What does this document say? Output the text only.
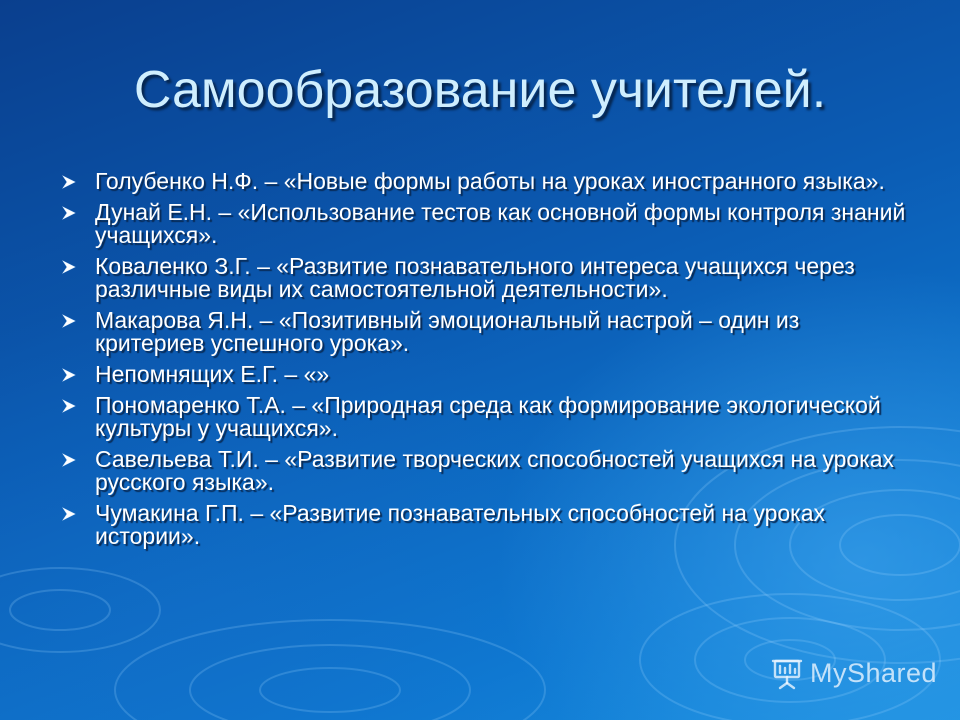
Самообразование учителей.
Голубенко Н.Ф. – «Новые формы работы на уроках иностранного языка».
Дунай Е.Н. – «Использование тестов как основной формы контроля знаний учащихся».
Коваленко З.Г. – «Развитие познавательного интереса учащихся через различные виды их самостоятельной деятельности».
Макарова Я.Н. – «Позитивный эмоциональный настрой – один из критериев успешного урока».
Непомнящих Е.Г. – «»
Пономаренко Т.А. – «Природная среда как формирование экологической культуры у учащихся».
Савельева Т.И. – «Развитие творческих способностей учащихся на уроках русского языка».
Чумакина Г.П. – «Развитие познавательных способностей на уроках истории».
MyShared
